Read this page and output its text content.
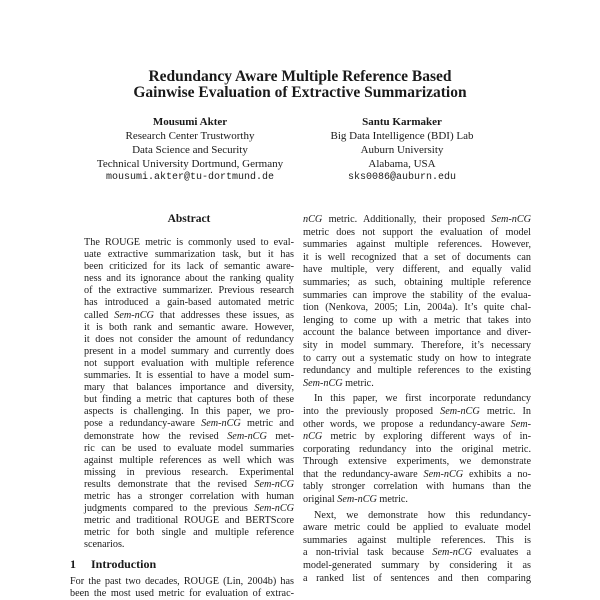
Redundancy Aware Multiple Reference Based
Gainwise Evaluation of Extractive Summarization
Mousumi Akter
Research Center Trustworthy
Data Science and Security
Technical University Dortmund, Germany
mousumi.akter@tu-dortmund.de
Santu Karmaker
Big Data Intelligence (BDI) Lab
Auburn University
Alabama, USA
sks0086@auburn.edu
Abstract
The ROUGE metric is commonly used to eval-
uate extractive summarization task, but it has
been criticized for its lack of semantic aware-
ness and its ignorance about the ranking quality
of the extractive summarizer. Previous research
has introduced a gain-based automated metric
called Sem-nCG that addresses these issues, as
it is both rank and semantic aware. However,
it does not consider the amount of redundancy
present in a model summary and currently does
not support evaluation with multiple reference
summaries. It is essential to have a model sum-
mary that balances importance and diversity,
but finding a metric that captures both of these
aspects is challenging. In this paper, we pro-
pose a redundancy-aware Sem-nCG metric and
demonstrate how the revised Sem-nCG met-
ric can be used to evaluate model summaries
against multiple references as well which was
missing in previous research. Experimental
results demonstrate that the revised Sem-nCG
metric has a stronger correlation with human
judgments compared to the previous Sem-nCG
metric and traditional ROUGE and BERTScore
metric for both single and multiple reference
scenarios.
1 Introduction
For the past two decades, ROUGE (Lin, 2004b) has
been the most used metric for evaluation of extrac-
nCG metric. Additionally, their proposed Sem-nCG
metric does not support the evaluation of model
summaries against multiple references. However,
it is well recognized that a set of documents can
have multiple, very different, and equally valid
summaries; as such, obtaining multiple reference
summaries can improve the stability of the evalua-
tion (Nenkova, 2005; Lin, 2004a). It’s quite chal-
lenging to come up with a metric that takes into
account the balance between importance and diver-
sity in model summary. Therefore, it’s necessary
to carry out a systematic study on how to integrate
redundancy and multiple references to the existing
Sem-nCG metric.
In this paper, we first incorporate redundancy
into the previously proposed Sem-nCG metric. In
other words, we propose a redundancy-aware Sem-
nCG metric by exploring different ways of in-
corporating redundancy into the original metric.
Through extensive experiments, we demonstrate
that the redundancy-aware Sem-nCG exhibits a no-
tably stronger correlation with humans than the
original Sem-nCG metric.
Next, we demonstrate how this redundancy-
aware metric could be applied to evaluate model
summaries against multiple references. This is
a non-trivial task because Sem-nCG evaluates a
model-generated summary by considering it as
a ranked list of sentences and then comparing
